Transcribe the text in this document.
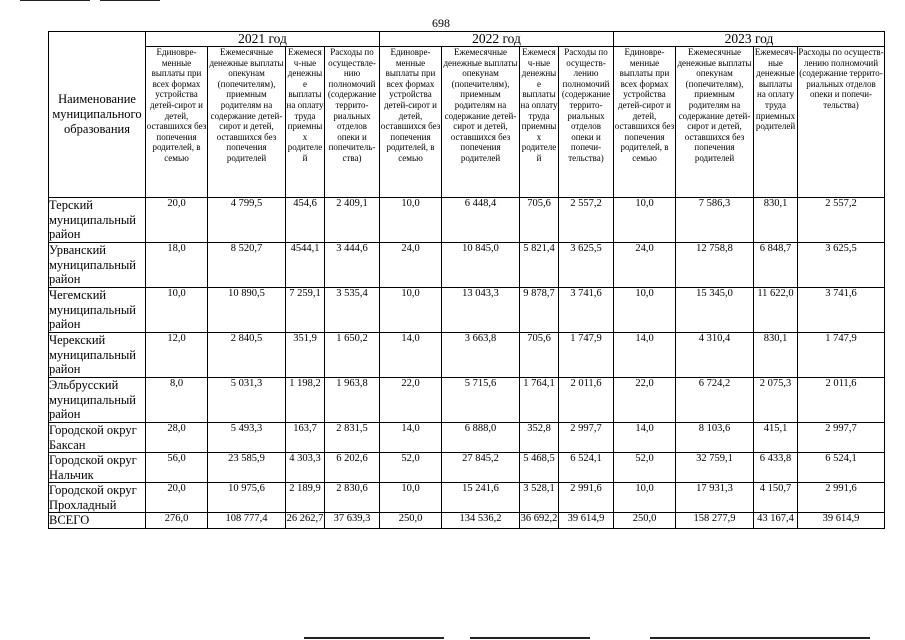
698
Наименование муниципального образования	2021 год				2022 год				2023 год			
	Единовре-менные выплаты при всех формах устройства детей-сирот и детей, оставшихся без попечения родителей, в семью	Ежемесячные денежные выплаты опекунам (попечителям), приемным родителям на содержание детей-сирот и детей, оставшихся без попечения родителей	Ежемесяч-ные денежные выплаты на оплату труда приемных родителей	Расходы по осуществле-нию полномочий (содержание террито-риальных отделов опеки и попечитель-ства)	Единовре-менные выплаты при всех формах устройства детей-сирот и детей, оставшихся без попечения родителей, в семью	Ежемесячные денежные выплаты опекунам (попечителям), приемным родителям на содержание детей-сирот и детей, оставшихся без попечения родителей	Ежемесяч-ные денежные выплаты на оплату труда приемных родителей	Расходы по осуществ-лению полномочий (содержание террито-риальных отделов опеки и попечи-тельства)	Единовре-менные выплаты при всех формах устройства детей-сирот и детей, оставшихся без попечения родителей, в семью	Ежемесячные денежные выплаты опекунам (попечителям), приемным родителям на содержание детей-сирот и детей, оставшихся без попечения родителей	Ежемесяч-ные денежные выплаты на оплату труда приемных родителей	Расходы по осуществ-лению полномочий (содержание террито-риальных отделов опеки и попечи-тельства)
Терский муниципальный район	20,0	4 799,5	454,6	2 409,1	10,0	6 448,4	705,6	2 557,2	10,0	7 586,3	830,1	2 557,2
Урванский муниципальный район	18,0	8 520,7	4544,1	3 444,6	24,0	10 845,0	5 821,4	3 625,5	24,0	12 758,8	6 848,7	3 625,5
Чегемский муниципальный район	10,0	10 890,5	7 259,1	3 535,4	10,0	13 043,3	9 878,7	3 741,6	10,0	15 345,0	11 622,0	3 741,6
Черекский муниципальный район	12,0	2 840,5	351,9	1 650,2	14,0	3 663,8	705,6	1 747,9	14,0	4 310,4	830,1	1 747,9
Эльбрусский муниципальный район	8,0	5 031,3	1 198,2	1 963,8	22,0	5 715,6	1 764,1	2 011,6	22,0	6 724,2	2 075,3	2 011,6
Городской округ Баксан	28,0	5 493,3	163,7	2 831,5	14,0	6 888,0	352,8	2 997,7	14,0	8 103,6	415,1	2 997,7
Городской округ Нальчик	56,0	23 585,9	4 303,3	6 202,6	52,0	27 845,2	5 468,5	6 524,1	52,0	32 759,1	6 433,8	6 524,1
Городской округ Прохладный	20,0	10 975,6	2 189,9	2 830,6	10,0	15 241,6	3 528,1	2 991,6	10,0	17 931,3	4 150,7	2 991,6
ВСЕГО	276,0	108 777,4	26 262,7	37 639,3	250,0	134 536,2	36 692,2	39 614,9	250,0	158 277,9	43 167,4	39 614,9
